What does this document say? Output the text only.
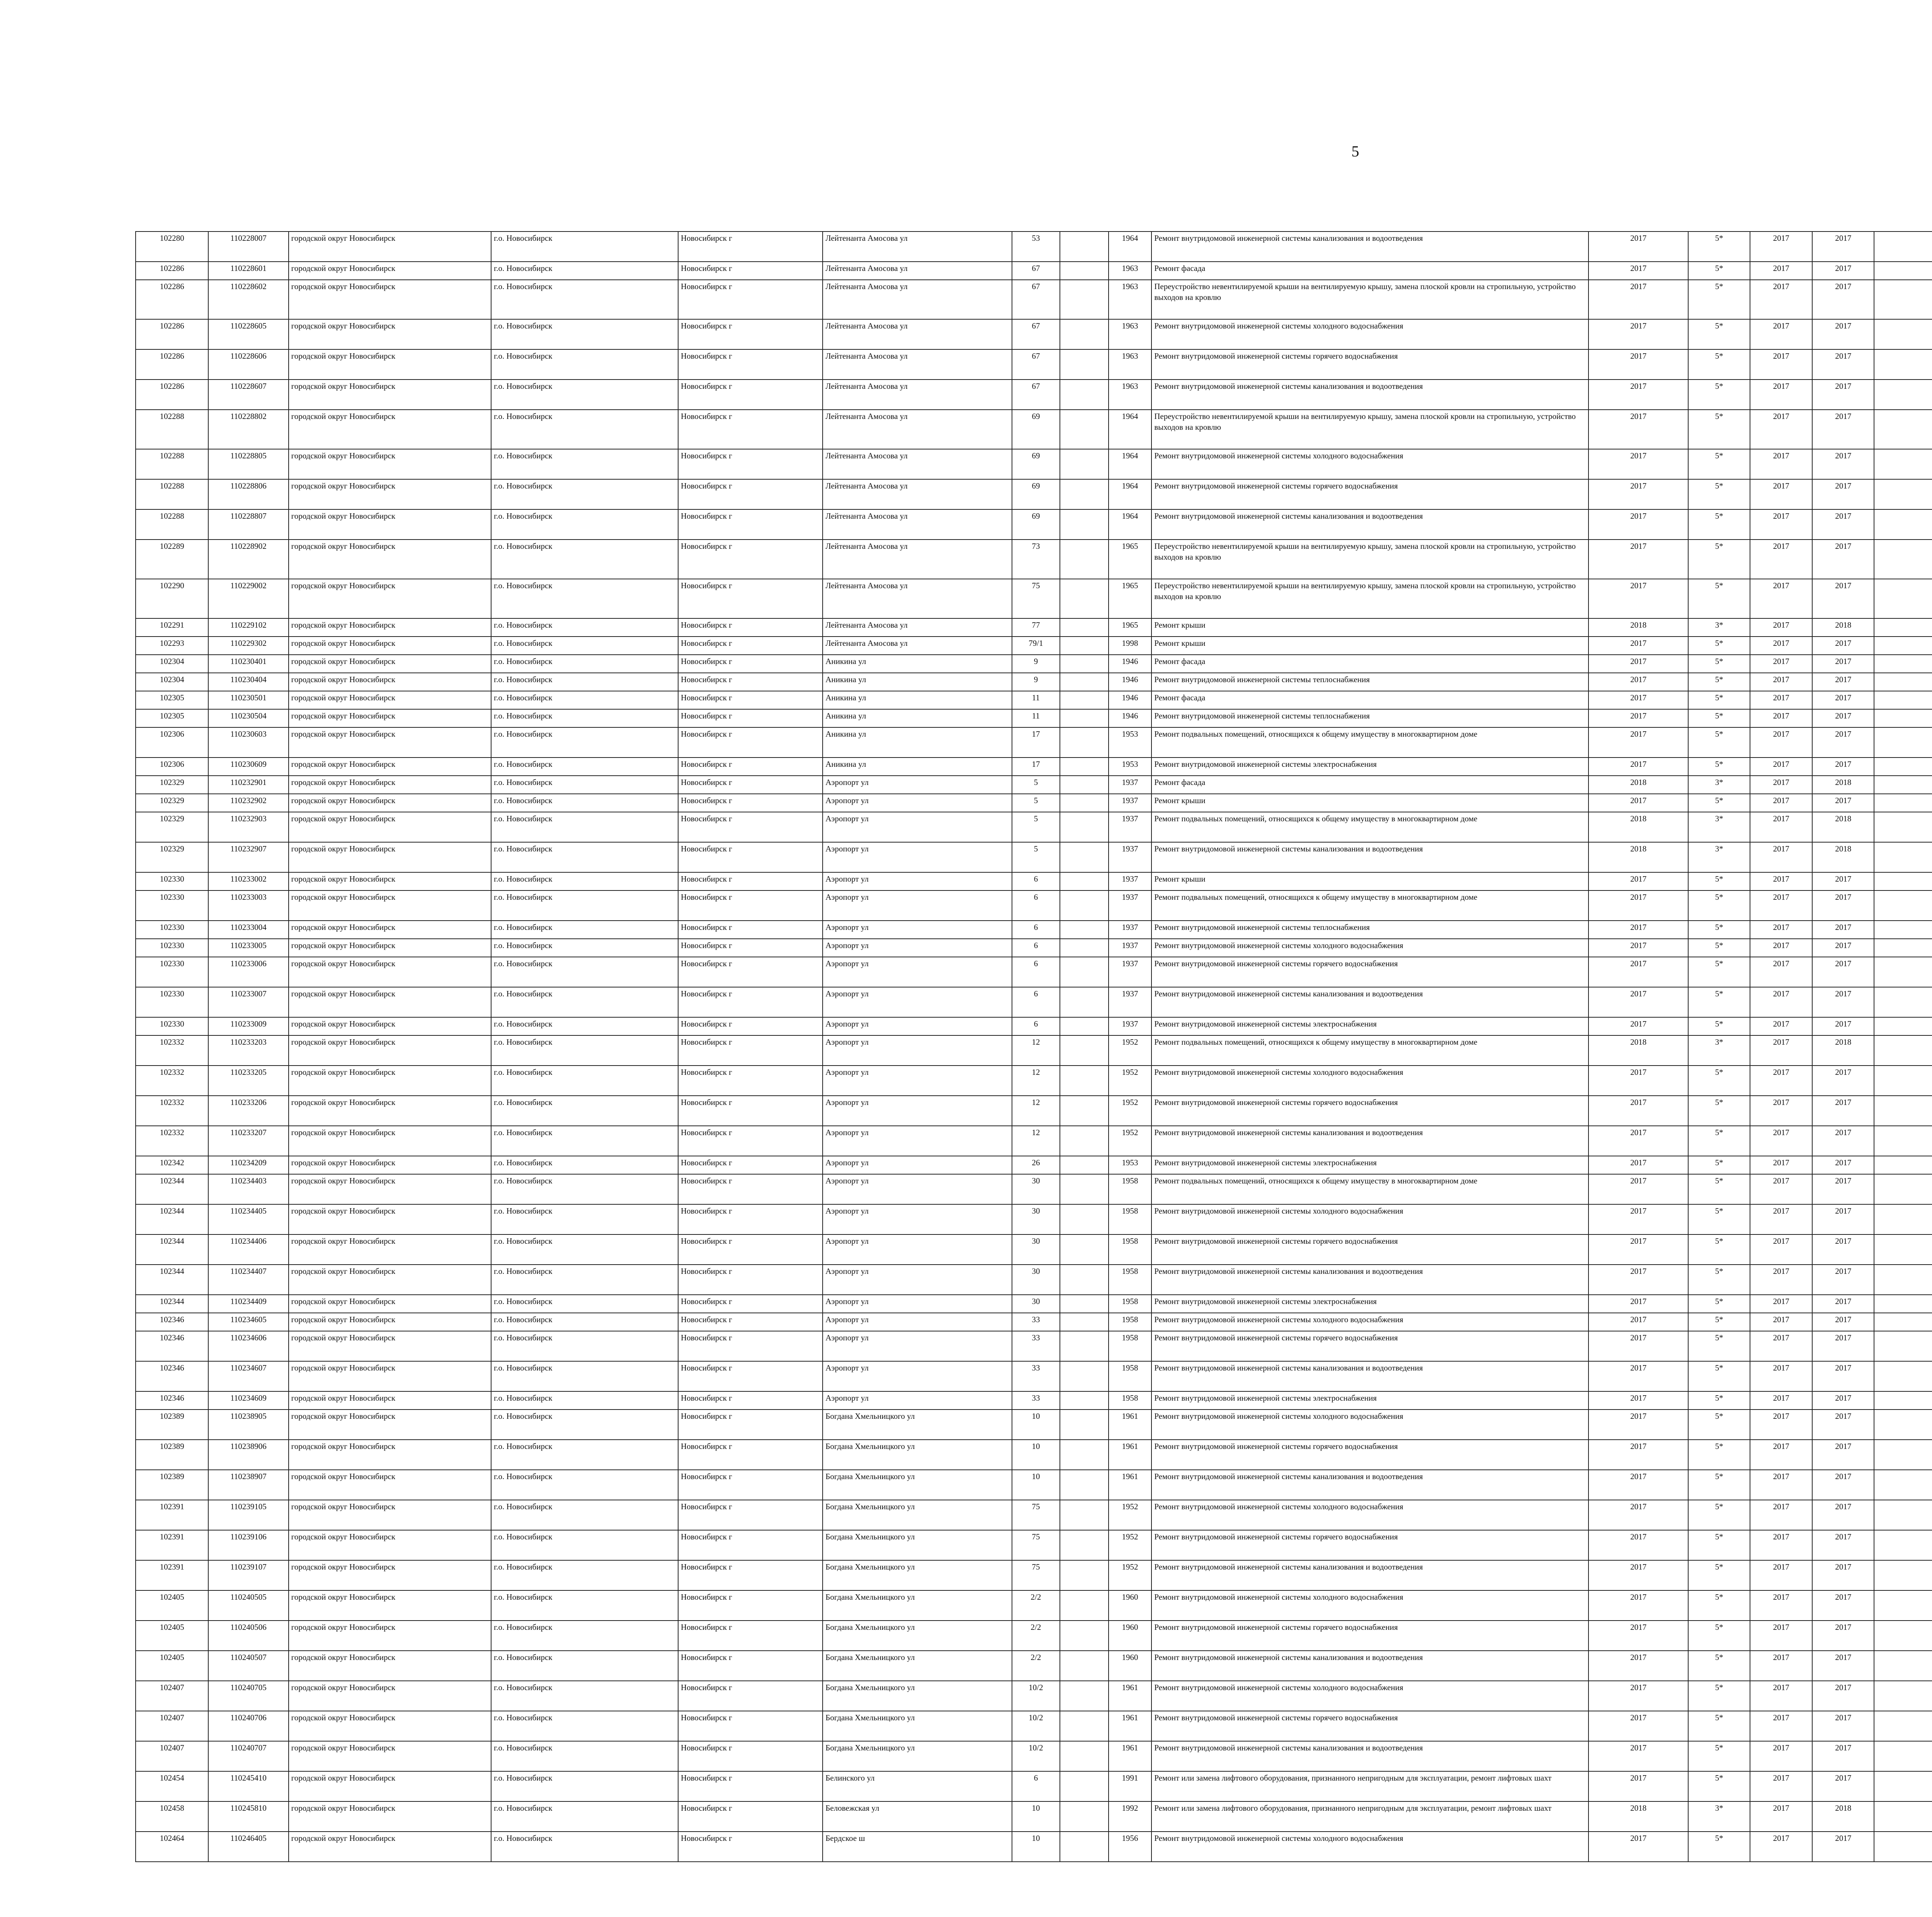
5
102280	110228007	городской округ Новосибирск	г.о. Новосибирск	Новосибирск г	Лейтенанта Амосова ул	53		1964	Ремонт внутридомовой инженерной системы канализования и водоотведения	2017	5*	2017	2017								
102286	110228601	городской округ Новосибирск	г.о. Новосибирск	Новосибирск г	Лейтенанта Амосова ул	67		1963	Ремонт фасада	2017	5*	2017	2017								
102286	110228602	городской округ Новосибирск	г.о. Новосибирск	Новосибирск г	Лейтенанта Амосова ул	67		1963	Переустройство невентилируемой крыши на вентилируемую крышу, замена плоской кровли на стропильную, устройство выходов на кровлю	2017	5*	2017	2017								
102286	110228605	городской округ Новосибирск	г.о. Новосибирск	Новосибирск г	Лейтенанта Амосова ул	67		1963	Ремонт внутридомовой инженерной системы холодного водоснабжения	2017	5*	2017	2017								
102286	110228606	городской округ Новосибирск	г.о. Новосибирск	Новосибирск г	Лейтенанта Амосова ул	67		1963	Ремонт внутридомовой инженерной системы горячего водоснабжения	2017	5*	2017	2017								
102286	110228607	городской округ Новосибирск	г.о. Новосибирск	Новосибирск г	Лейтенанта Амосова ул	67		1963	Ремонт внутридомовой инженерной системы канализования и водоотведения	2017	5*	2017	2017								
102288	110228802	городской округ Новосибирск	г.о. Новосибирск	Новосибирск г	Лейтенанта Амосова ул	69		1964	Переустройство невентилируемой крыши на вентилируемую крышу, замена плоской кровли на стропильную, устройство выходов на кровлю	2017	5*	2017	2017								
102288	110228805	городской округ Новосибирск	г.о. Новосибирск	Новосибирск г	Лейтенанта Амосова ул	69		1964	Ремонт внутридомовой инженерной системы холодного водоснабжения	2017	5*	2017	2017								
102288	110228806	городской округ Новосибирск	г.о. Новосибирск	Новосибирск г	Лейтенанта Амосова ул	69		1964	Ремонт внутридомовой инженерной системы горячего водоснабжения	2017	5*	2017	2017								
102288	110228807	городской округ Новосибирск	г.о. Новосибирск	Новосибирск г	Лейтенанта Амосова ул	69		1964	Ремонт внутридомовой инженерной системы канализования и водоотведения	2017	5*	2017	2017								
102289	110228902	городской округ Новосибирск	г.о. Новосибирск	Новосибирск г	Лейтенанта Амосова ул	73		1965	Переустройство невентилируемой крыши на вентилируемую крышу, замена плоской кровли на стропильную, устройство выходов на кровлю	2017	5*	2017	2017								
102290	110229002	городской округ Новосибирск	г.о. Новосибирск	Новосибирск г	Лейтенанта Амосова ул	75		1965	Переустройство невентилируемой крыши на вентилируемую крышу, замена плоской кровли на стропильную, устройство выходов на кровлю	2017	5*	2017	2017								
102291	110229102	городской округ Новосибирск	г.о. Новосибирск	Новосибирск г	Лейтенанта Амосова ул	77		1965	Ремонт крыши	2018	3*	2017	2018								
102293	110229302	городской округ Новосибирск	г.о. Новосибирск	Новосибирск г	Лейтенанта Амосова ул	79/1		1998	Ремонт крыши	2017	5*	2017	2017								
102304	110230401	городской округ Новосибирск	г.о. Новосибирск	Новосибирск г	Аникина ул	9		1946	Ремонт фасада	2017	5*	2017	2017								
102304	110230404	городской округ Новосибирск	г.о. Новосибирск	Новосибирск г	Аникина ул	9		1946	Ремонт внутридомовой инженерной системы теплоснабжения	2017	5*	2017	2017								
102305	110230501	городской округ Новосибирск	г.о. Новосибирск	Новосибирск г	Аникина ул	11		1946	Ремонт фасада	2017	5*	2017	2017								
102305	110230504	городской округ Новосибирск	г.о. Новосибирск	Новосибирск г	Аникина ул	11		1946	Ремонт внутридомовой инженерной системы теплоснабжения	2017	5*	2017	2017								
102306	110230603	городской округ Новосибирск	г.о. Новосибирск	Новосибирск г	Аникина ул	17		1953	Ремонт подвальных помещений, относящихся к общему имуществу в многоквартирном доме	2017	5*	2017	2017								
102306	110230609	городской округ Новосибирск	г.о. Новосибирск	Новосибирск г	Аникина ул	17		1953	Ремонт внутридомовой инженерной системы электроснабжения	2017	5*	2017	2017								
102329	110232901	городской округ Новосибирск	г.о. Новосибирск	Новосибирск г	Аэропорт ул	5		1937	Ремонт фасада	2018	3*	2017	2018								
102329	110232902	городской округ Новосибирск	г.о. Новосибирск	Новосибирск г	Аэропорт ул	5		1937	Ремонт крыши	2017	5*	2017	2017								
102329	110232903	городской округ Новосибирск	г.о. Новосибирск	Новосибирск г	Аэропорт ул	5		1937	Ремонт подвальных помещений, относящихся к общему имуществу в многоквартирном доме	2018	3*	2017	2018								
102329	110232907	городской округ Новосибирск	г.о. Новосибирск	Новосибирск г	Аэропорт ул	5		1937	Ремонт внутридомовой инженерной системы канализования и водоотведения	2018	3*	2017	2018								
102330	110233002	городской округ Новосибирск	г.о. Новосибирск	Новосибирск г	Аэропорт ул	6		1937	Ремонт крыши	2017	5*	2017	2017								
102330	110233003	городской округ Новосибирск	г.о. Новосибирск	Новосибирск г	Аэропорт ул	6		1937	Ремонт подвальных помещений, относящихся к общему имуществу в многоквартирном доме	2017	5*	2017	2017								
102330	110233004	городской округ Новосибирск	г.о. Новосибирск	Новосибирск г	Аэропорт ул	6		1937	Ремонт внутридомовой инженерной системы теплоснабжения	2017	5*	2017	2017								
102330	110233005	городской округ Новосибирск	г.о. Новосибирск	Новосибирск г	Аэропорт ул	6		1937	Ремонт внутридомовой инженерной системы холодного водоснабжения	2017	5*	2017	2017								
102330	110233006	городской округ Новосибирск	г.о. Новосибирск	Новосибирск г	Аэропорт ул	6		1937	Ремонт внутридомовой инженерной системы горячего водоснабжения	2017	5*	2017	2017								
102330	110233007	городской округ Новосибирск	г.о. Новосибирск	Новосибирск г	Аэропорт ул	6		1937	Ремонт внутридомовой инженерной системы канализования и водоотведения	2017	5*	2017	2017								
102330	110233009	городской округ Новосибирск	г.о. Новосибирск	Новосибирск г	Аэропорт ул	6		1937	Ремонт внутридомовой инженерной системы электроснабжения	2017	5*	2017	2017								
102332	110233203	городской округ Новосибирск	г.о. Новосибирск	Новосибирск г	Аэропорт ул	12		1952	Ремонт подвальных помещений, относящихся к общему имуществу в многоквартирном доме	2018	3*	2017	2018								
102332	110233205	городской округ Новосибирск	г.о. Новосибирск	Новосибирск г	Аэропорт ул	12		1952	Ремонт внутридомовой инженерной системы холодного водоснабжения	2017	5*	2017	2017								
102332	110233206	городской округ Новосибирск	г.о. Новосибирск	Новосибирск г	Аэропорт ул	12		1952	Ремонт внутридомовой инженерной системы горячего водоснабжения	2017	5*	2017	2017								
102332	110233207	городской округ Новосибирск	г.о. Новосибирск	Новосибирск г	Аэропорт ул	12		1952	Ремонт внутридомовой инженерной системы канализования и водоотведения	2017	5*	2017	2017								
102342	110234209	городской округ Новосибирск	г.о. Новосибирск	Новосибирск г	Аэропорт ул	26		1953	Ремонт внутридомовой инженерной системы электроснабжения	2017	5*	2017	2017								
102344	110234403	городской округ Новосибирск	г.о. Новосибирск	Новосибирск г	Аэропорт ул	30		1958	Ремонт подвальных помещений, относящихся к общему имуществу в многоквартирном доме	2017	5*	2017	2017								
102344	110234405	городской округ Новосибирск	г.о. Новосибирск	Новосибирск г	Аэропорт ул	30		1958	Ремонт внутридомовой инженерной системы холодного водоснабжения	2017	5*	2017	2017								
102344	110234406	городской округ Новосибирск	г.о. Новосибирск	Новосибирск г	Аэропорт ул	30		1958	Ремонт внутридомовой инженерной системы горячего водоснабжения	2017	5*	2017	2017								
102344	110234407	городской округ Новосибирск	г.о. Новосибирск	Новосибирск г	Аэропорт ул	30		1958	Ремонт внутридомовой инженерной системы канализования и водоотведения	2017	5*	2017	2017								
102344	110234409	городской округ Новосибирск	г.о. Новосибирск	Новосибирск г	Аэропорт ул	30		1958	Ремонт внутридомовой инженерной системы электроснабжения	2017	5*	2017	2017								
102346	110234605	городской округ Новосибирск	г.о. Новосибирск	Новосибирск г	Аэропорт ул	33		1958	Ремонт внутридомовой инженерной системы холодного водоснабжения	2017	5*	2017	2017								
102346	110234606	городской округ Новосибирск	г.о. Новосибирск	Новосибирск г	Аэропорт ул	33		1958	Ремонт внутридомовой инженерной системы горячего водоснабжения	2017	5*	2017	2017								
102346	110234607	городской округ Новосибирск	г.о. Новосибирск	Новосибирск г	Аэропорт ул	33		1958	Ремонт внутридомовой инженерной системы канализования и водоотведения	2017	5*	2017	2017								
102346	110234609	городской округ Новосибирск	г.о. Новосибирск	Новосибирск г	Аэропорт ул	33		1958	Ремонт внутридомовой инженерной системы электроснабжения	2017	5*	2017	2017								
102389	110238905	городской округ Новосибирск	г.о. Новосибирск	Новосибирск г	Богдана Хмельницкого ул	10		1961	Ремонт внутридомовой инженерной системы холодного водоснабжения	2017	5*	2017	2017								
102389	110238906	городской округ Новосибирск	г.о. Новосибирск	Новосибирск г	Богдана Хмельницкого ул	10		1961	Ремонт внутридомовой инженерной системы горячего водоснабжения	2017	5*	2017	2017								
102389	110238907	городской округ Новосибирск	г.о. Новосибирск	Новосибирск г	Богдана Хмельницкого ул	10		1961	Ремонт внутридомовой инженерной системы канализования и водоотведения	2017	5*	2017	2017								
102391	110239105	городской округ Новосибирск	г.о. Новосибирск	Новосибирск г	Богдана Хмельницкого ул	75		1952	Ремонт внутридомовой инженерной системы холодного водоснабжения	2017	5*	2017	2017								
102391	110239106	городской округ Новосибирск	г.о. Новосибирск	Новосибирск г	Богдана Хмельницкого ул	75		1952	Ремонт внутридомовой инженерной системы горячего водоснабжения	2017	5*	2017	2017								
102391	110239107	городской округ Новосибирск	г.о. Новосибирск	Новосибирск г	Богдана Хмельницкого ул	75		1952	Ремонт внутридомовой инженерной системы канализования и водоотведения	2017	5*	2017	2017								
102405	110240505	городской округ Новосибирск	г.о. Новосибирск	Новосибирск г	Богдана Хмельницкого ул	2/2		1960	Ремонт внутридомовой инженерной системы холодного водоснабжения	2017	5*	2017	2017								
102405	110240506	городской округ Новосибирск	г.о. Новосибирск	Новосибирск г	Богдана Хмельницкого ул	2/2		1960	Ремонт внутридомовой инженерной системы горячего водоснабжения	2017	5*	2017	2017								
102405	110240507	городской округ Новосибирск	г.о. Новосибирск	Новосибирск г	Богдана Хмельницкого ул	2/2		1960	Ремонт внутридомовой инженерной системы канализования и водоотведения	2017	5*	2017	2017								
102407	110240705	городской округ Новосибирск	г.о. Новосибирск	Новосибирск г	Богдана Хмельницкого ул	10/2		1961	Ремонт внутридомовой инженерной системы холодного водоснабжения	2017	5*	2017	2017								
102407	110240706	городской округ Новосибирск	г.о. Новосибирск	Новосибирск г	Богдана Хмельницкого ул	10/2		1961	Ремонт внутридомовой инженерной системы горячего водоснабжения	2017	5*	2017	2017								
102407	110240707	городской округ Новосибирск	г.о. Новосибирск	Новосибирск г	Богдана Хмельницкого ул	10/2		1961	Ремонт внутридомовой инженерной системы канализования и водоотведения	2017	5*	2017	2017								
102454	110245410	городской округ Новосибирск	г.о. Новосибирск	Новосибирск г	Белинского ул	6		1991	Ремонт или замена лифтового оборудования, признанного непригодным для эксплуатации, ремонт лифтовых шахт	2017	5*	2017	2017								
102458	110245810	городской округ Новосибирск	г.о. Новосибирск	Новосибирск г	Беловежская ул	10		1992	Ремонт или замена лифтового оборудования, признанного непригодным для эксплуатации, ремонт лифтовых шахт	2018	3*	2017	2018								
102464	110246405	городской округ Новосибирск	г.о. Новосибирск	Новосибирск г	Бердское ш	10		1956	Ремонт внутридомовой инженерной системы холодного водоснабжения	2017	5*	2017	2017								
